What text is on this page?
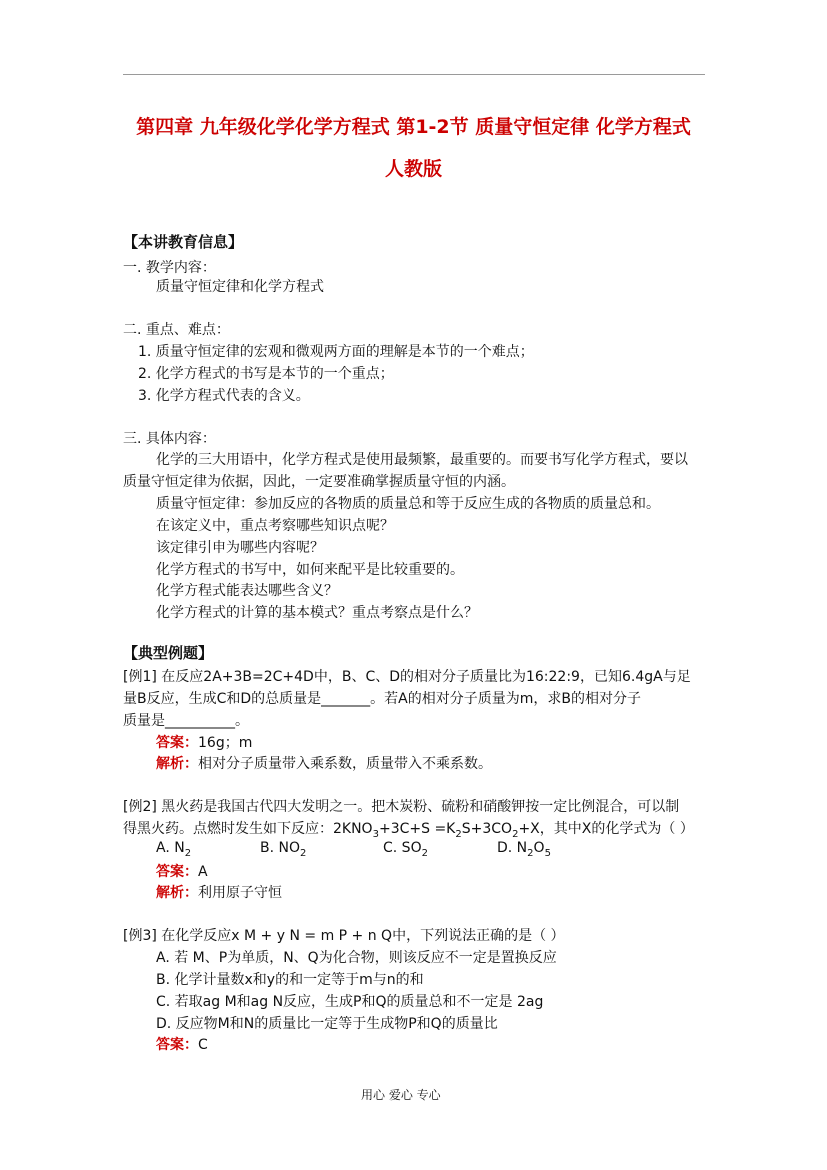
第四章 九年级化学化学方程式 第1-2节 质量守恒定律 化学方程式
人教版
【本讲教育信息】
一. 教学内容：
质量守恒定律和化学方程式
二. 重点、难点：
1. 质量守恒定律的宏观和微观两方面的理解是本节的一个难点；
2. 化学方程式的书写是本节的一个重点；
3. 化学方程式代表的含义。
三. 具体内容：
化学的三大用语中，化学方程式是使用最频繁，最重要的。而要书写化学方程式，要以
质量守恒定律为依据，因此，一定要准确掌握质量守恒的内涵。
质量守恒定律：参加反应的各物质的质量总和等于反应生成的各物质的质量总和。
在该定义中，重点考察哪些知识点呢？
该定律引申为哪些内容呢？
化学方程式的书写中，如何来配平是比较重要的。
化学方程式能表达哪些含义？
化学方程式的计算的基本模式？重点考察点是什么？
【典型例题】
[例1] 在反应2A+3B=2C+4D中，B、C、D的相对分子质量比为16:22:9，已知6.4gA与足
量B反应，生成C和D的总质量是_______。若A的相对分子质量为m，求B的相对分子
质量是__________。
答案：16g；m
解析：相对分子质量带入乘系数，质量带入不乘系数。
[例2] 黑火药是我国古代四大发明之一。把木炭粉、硫粉和硝酸钾按一定比例混合，可以制
得黑火药。点燃时发生如下反应：$2KNO_3+3C+S =K_2S+3CO_2+X$，其中X的化学式为（ ）
A. $N_2$	B. $NO_2$	C. $SO_2$	D. $N_2O_5$
答案：A
解析：利用原子守恒
[例3] 在化学反应x M + y N = m P + n Q中，下列说法正确的是（ ）
A. 若 M、P为单质，N、Q为化合物，则该反应不一定是置换反应
B. 化学计量数x和y的和一定等于m与n的和
C. 若取ag M和ag N反应，生成P和Q的质量总和不一定是 2ag
D. 反应物M和N的质量比一定等于生成物P和Q的质量比
答案：C
用心 爱心 专心
